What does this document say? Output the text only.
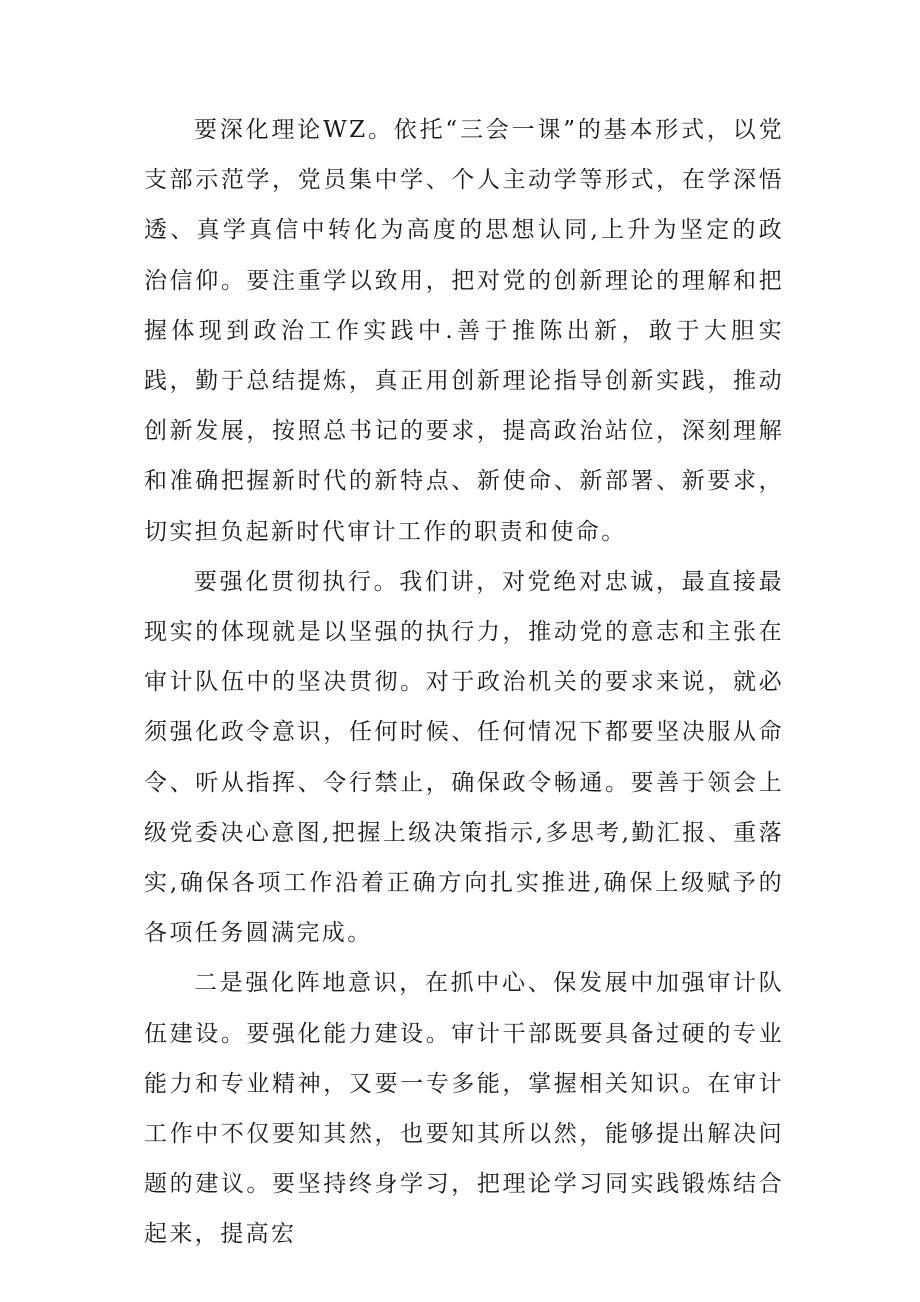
要深化理论WZ。依托“三会一课”的基本形式，以党支部示范学，党员集中学、个人主动学等形式，在学深悟透、真学真信中转化为高度的思想认同,上升为坚定的政治信仰。要注重学以致用，把对党的创新理论的理解和把握体现到政治工作实践中.善于推陈出新，敢于大胆实践，勤于总结提炼，真正用创新理论指导创新实践，推动创新发展，按照总书记的要求，提高政治站位，深刻理解和准确把握新时代的新特点、新使命、新部署、新要求，切实担负起新时代审计工作的职责和使命。

要强化贯彻执行。我们讲，对党绝对忠诚，最直接最现实的体现就是以坚强的执行力，推动党的意志和主张在审计队伍中的坚决贯彻。对于政治机关的要求来说，就必须强化政令意识，任何时候、任何情况下都要坚决服从命令、听从指挥、令行禁止，确保政令畅通。要善于领会上级党委决心意图,把握上级决策指示,多思考,勤汇报、重落实,确保各项工作沿着正确方向扎实推进,确保上级赋予的各项任务圆满完成。

二是强化阵地意识，在抓中心、保发展中加强审计队伍建设。要强化能力建设。审计干部既要具备过硬的专业能力和专业精神，又要一专多能，掌握相关知识。在审计工作中不仅要知其然，也要知其所以然，能够提出解决问题的建议。要坚持终身学习，把理论学习同实践锻炼结合起来，提高宏
